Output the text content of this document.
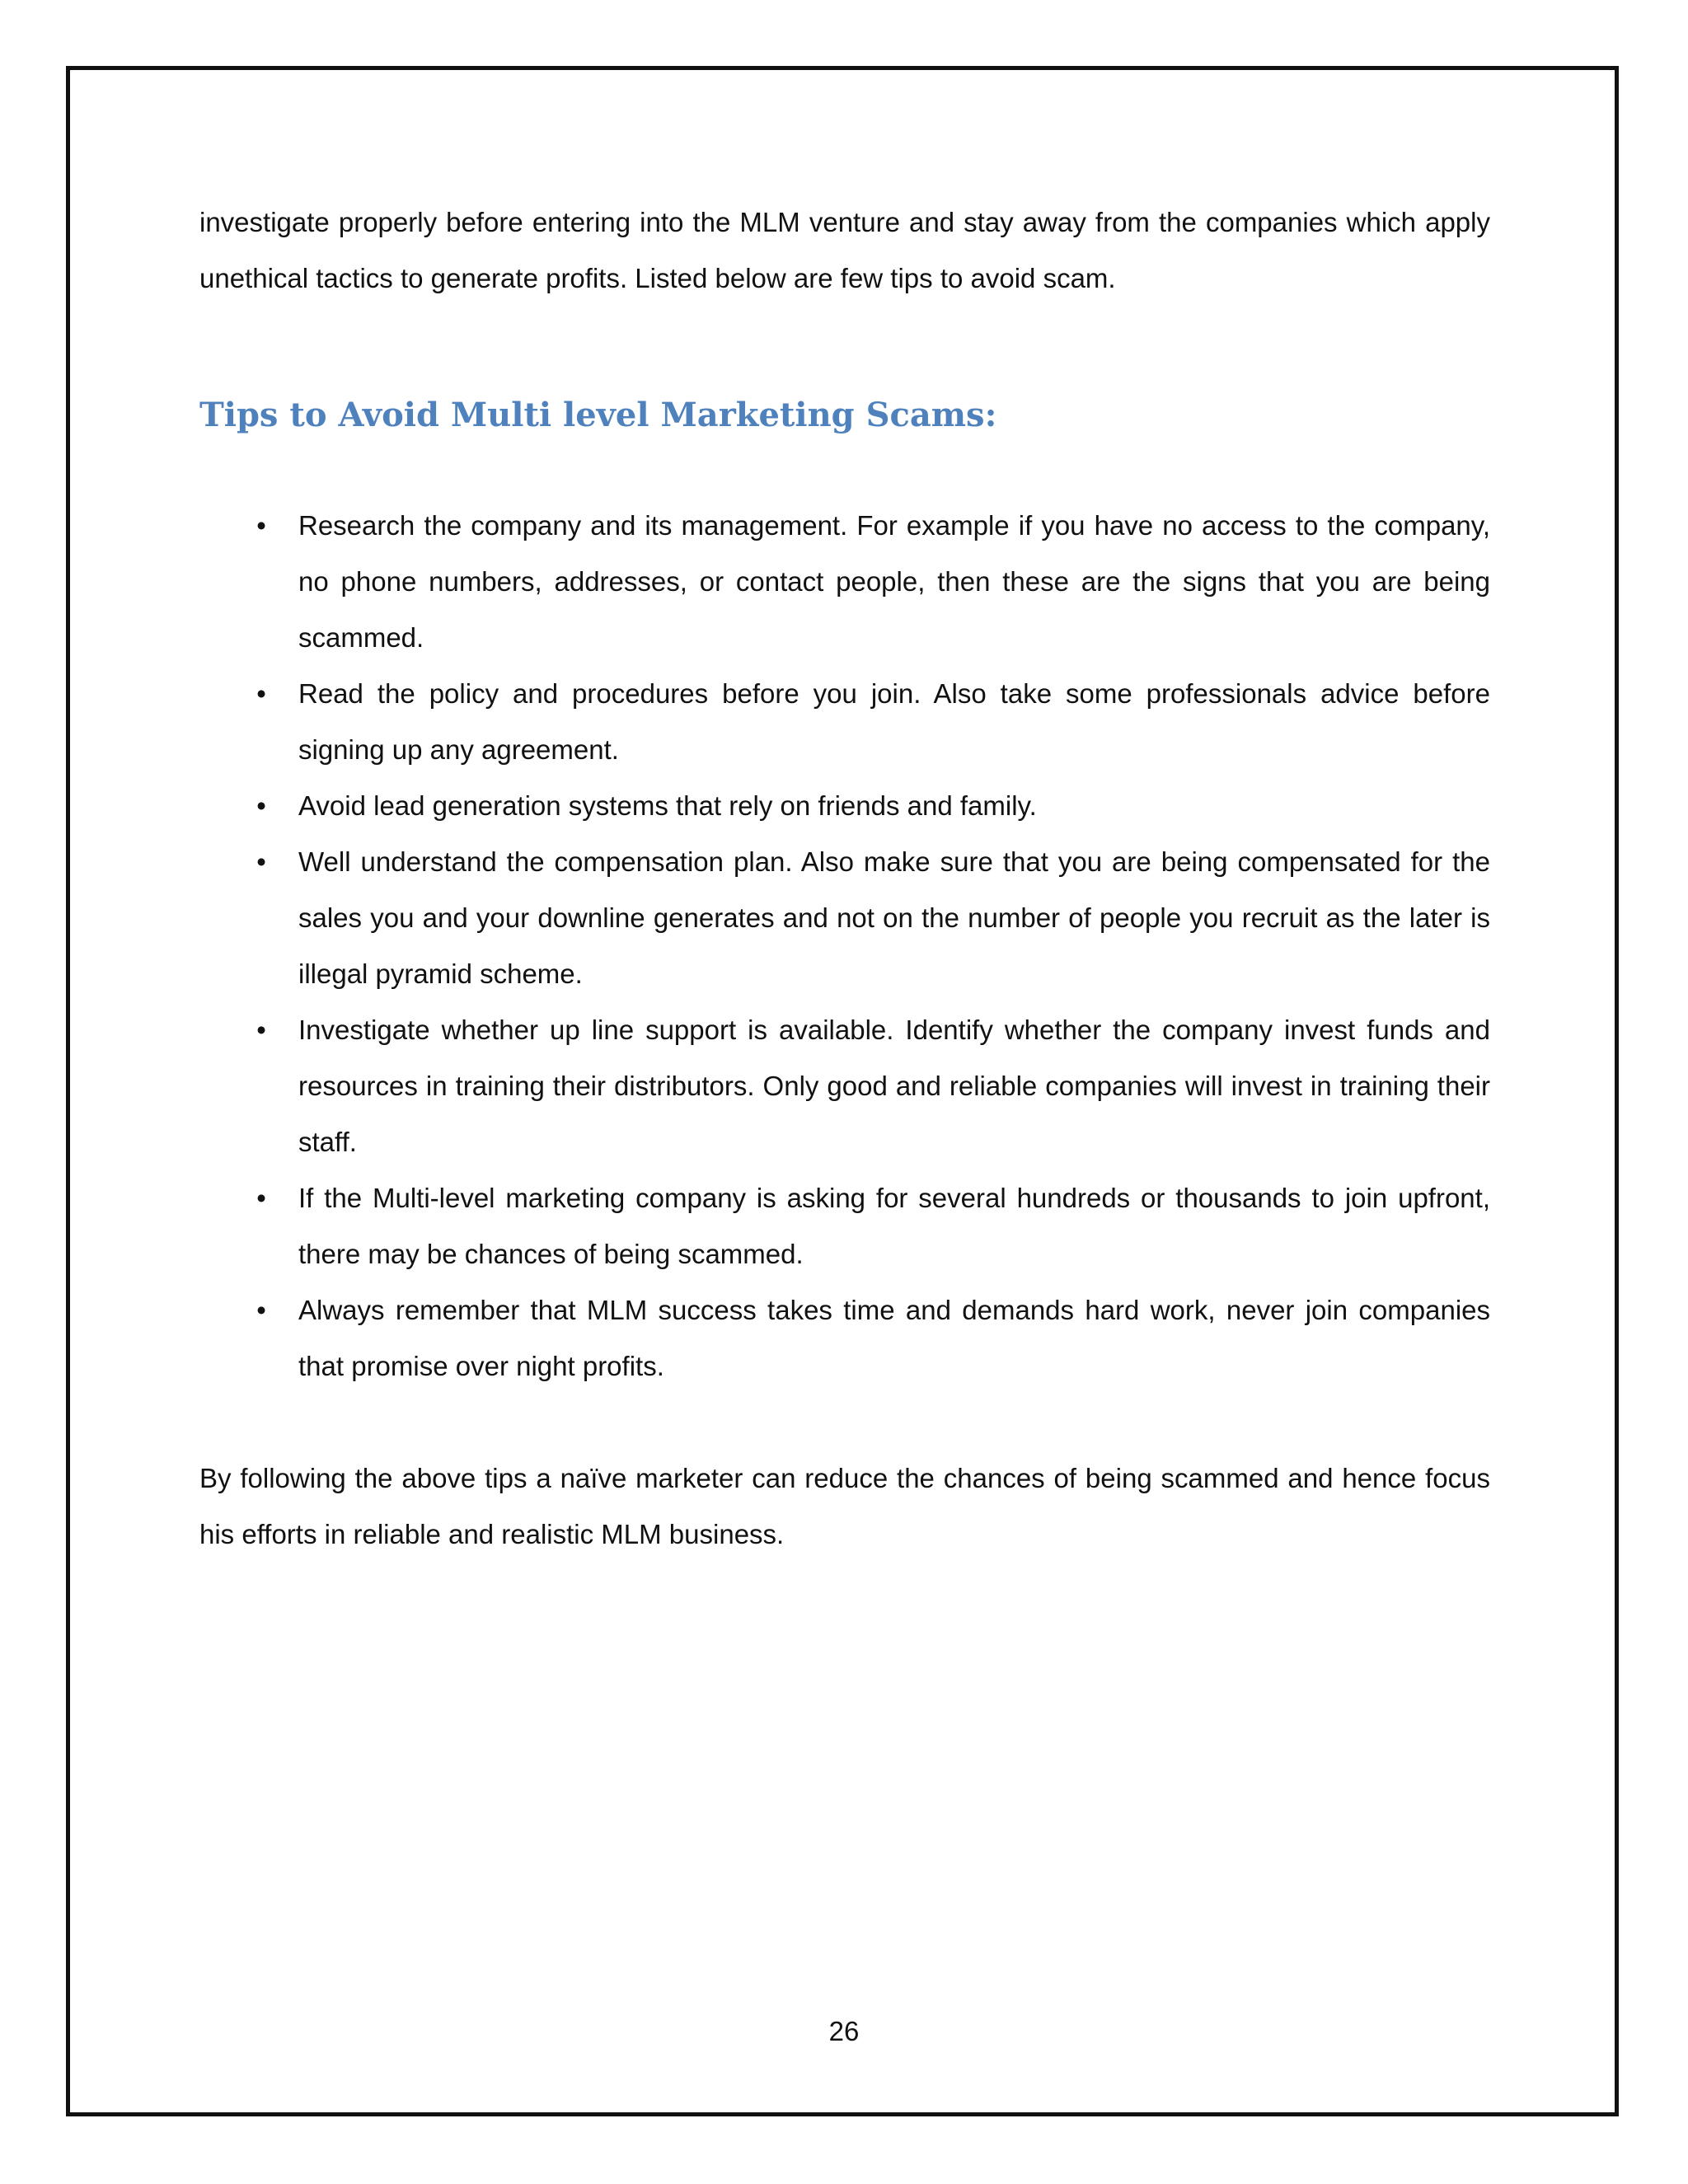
investigate properly before entering into the MLM venture and stay away from the companies which apply unethical tactics to generate profits. Listed below are few tips to avoid scam.

Tips to Avoid Multi level Marketing Scams:
• Research the company and its management. For example if you have no access to the company, no phone numbers, addresses, or contact people, then these are the signs that you are being scammed.
• Read the policy and procedures before you join. Also take some professionals advice before signing up any agreement.
• Avoid lead generation systems that rely on friends and family.
• Well understand the compensation plan. Also make sure that you are being compensated for the sales you and your downline generates and not on the number of people you recruit as the later is illegal pyramid scheme.
• Investigate whether up line support is available. Identify whether the company invest funds and resources in training their distributors. Only good and reliable companies will invest in training their staff.
• If the Multi-level marketing company is asking for several hundreds or thousands to join upfront, there may be chances of being scammed.
• Always remember that MLM success takes time and demands hard work, never join companies that promise over night profits.

By following the above tips a naïve marketer can reduce the chances of being scammed and hence focus his efforts in reliable and realistic MLM business.

26
